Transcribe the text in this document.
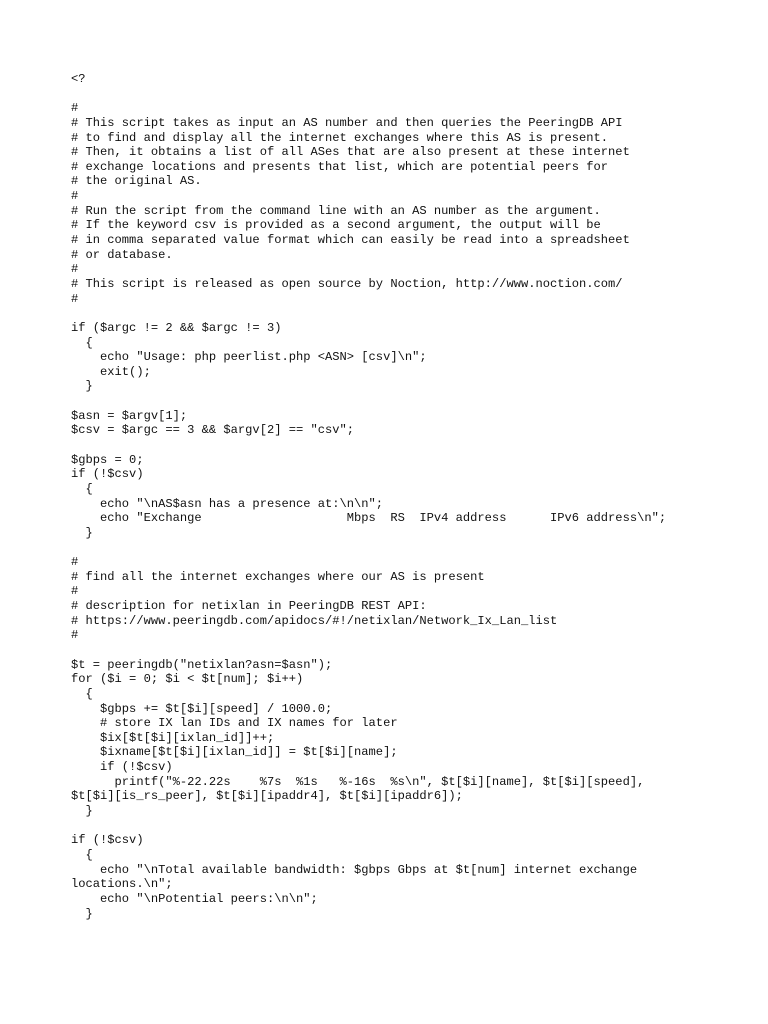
<?
#
# This script takes as input an AS number and then queries the PeeringDB API
# to find and display all the internet exchanges where this AS is present.
# Then, it obtains a list of all ASes that are also present at these internet
# exchange locations and presents that list, which are potential peers for
# the original AS.
#
# Run the script from the command line with an AS number as the argument.
# If the keyword csv is provided as a second argument, the output will be
# in comma separated value format which can easily be read into a spreadsheet
# or database.
#
# This script is released as open source by Noction, http://www.noction.com/
#
if ($argc != 2 && $argc != 3)
{
echo "Usage: php peerlist.php <ASN> [csv]\n";
exit();
}
$asn = $argv[1];
$csv = $argc == 3 && $argv[2] == "csv";
$gbps = 0;
if (!$csv)
{
echo "\nAS$asn has a presence at:\n\n";
echo "Exchange                    Mbps  RS  IPv4 address      IPv6 address\n";
}
#
# find all the internet exchanges where our AS is present
#
# description for netixlan in PeeringDB REST API:
# https://www.peeringdb.com/apidocs/#!/netixlan/Network_Ix_Lan_list
#
$t = peeringdb("netixlan?asn=$asn");
for ($i = 0; $i < $t[num]; $i++)
{
$gbps += $t[$i][speed] / 1000.0;
# store IX lan IDs and IX names for later
$ix[$t[$i][ixlan_id]]++;
$ixname[$t[$i][ixlan_id]] = $t[$i][name];
if (!$csv)
printf("%-22.22s    %7s  %1s   %-16s  %s\n", $t[$i][name], $t[$i][speed],
$t[$i][is_rs_peer], $t[$i][ipaddr4], $t[$i][ipaddr6]);
}
if (!$csv)
{
echo "\nTotal available bandwidth: $gbps Gbps at $t[num] internet exchange
locations.\n";
echo "\nPotential peers:\n\n";
}
